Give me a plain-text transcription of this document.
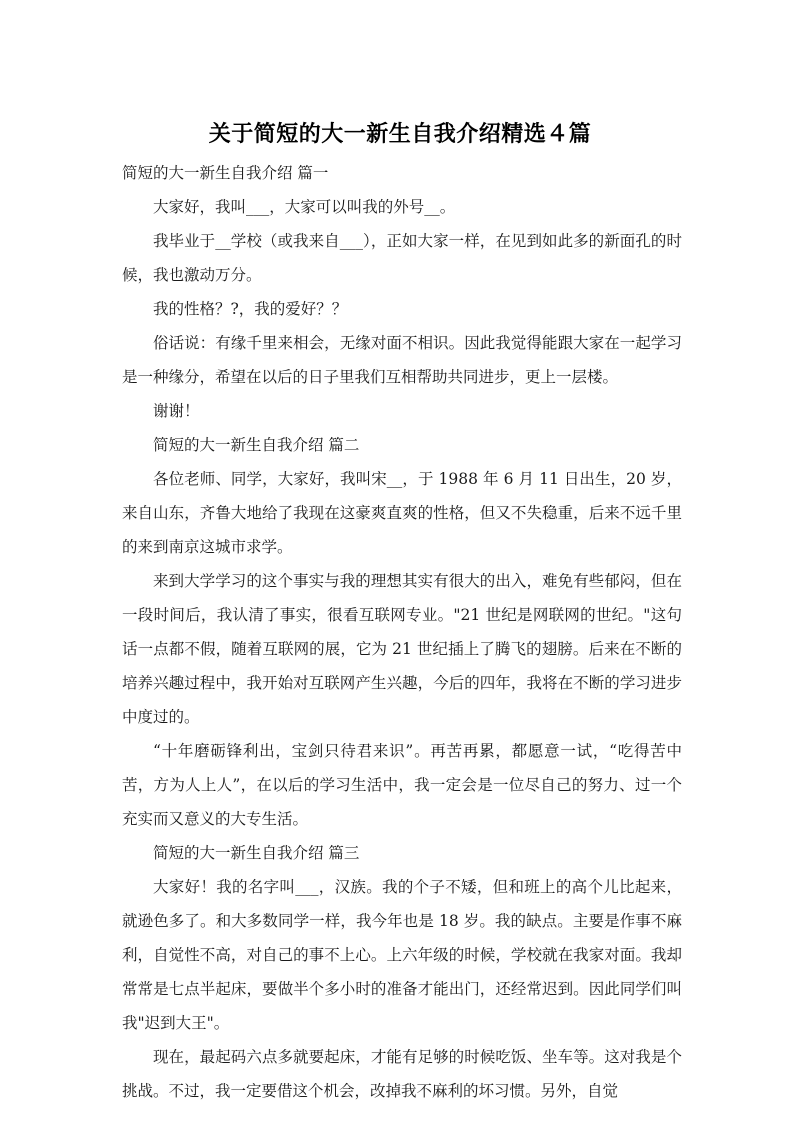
关于简短的大一新生自我介绍精选４篇

简短的大一新生自我介绍 篇一

大家好，我叫___，大家可以叫我的外号__。

我毕业于__学校（或我来自___），正如大家一样，在见到如此多的新面孔的时候，我也激动万分。

我的性格？?，我的爱好？？

俗话说：有缘千里来相会，无缘对面不相识。因此我觉得能跟大家在一起学习是一种缘分，希望在以后的日子里我们互相帮助共同进步，更上一层楼。

谢谢！

简短的大一新生自我介绍 篇二

各位老师、同学，大家好，我叫宋__，于 1988 年 6 月 11 日出生，20 岁，来自山东，齐鲁大地给了我现在这豪爽直爽的性格，但又不失稳重，后来不远千里的来到南京这城市求学。

来到大学学习的这个事实与我的理想其实有很大的出入，难免有些郁闷，但在一段时间后，我认清了事实，很看互联网专业。"21 世纪是网联网的世纪。"这句话一点都不假，随着互联网的展，它为 21 世纪插上了腾飞的翅膀。后来在不断的培养兴趣过程中，我开始对互联网产生兴趣，今后的四年，我将在不断的学习进步中度过的。

“十年磨砺锋利出，宝剑只待君来识”。再苦再累，都愿意一试，“吃得苦中苦，方为人上人”，在以后的学习生活中，我一定会是一位尽自己的努力、过一个充实而又意义的大专生活。

简短的大一新生自我介绍 篇三

大家好！我的名字叫___，汉族。我的个子不矮，但和班上的高个儿比起来，就逊色多了。和大多数同学一样，我今年也是 18 岁。我的缺点。主要是作事不麻利，自觉性不高，对自己的事不上心。上六年级的时候，学校就在我家对面。我却常常是七点半起床，要做半个多小时的准备才能出门，还经常迟到。因此同学们叫我"迟到大王"。

现在，最起码六点多就要起床，才能有足够的时候吃饭、坐车等。这对我是个挑战。不过，我一定要借这个机会，改掉我不麻利的坏习惯。另外，自觉
